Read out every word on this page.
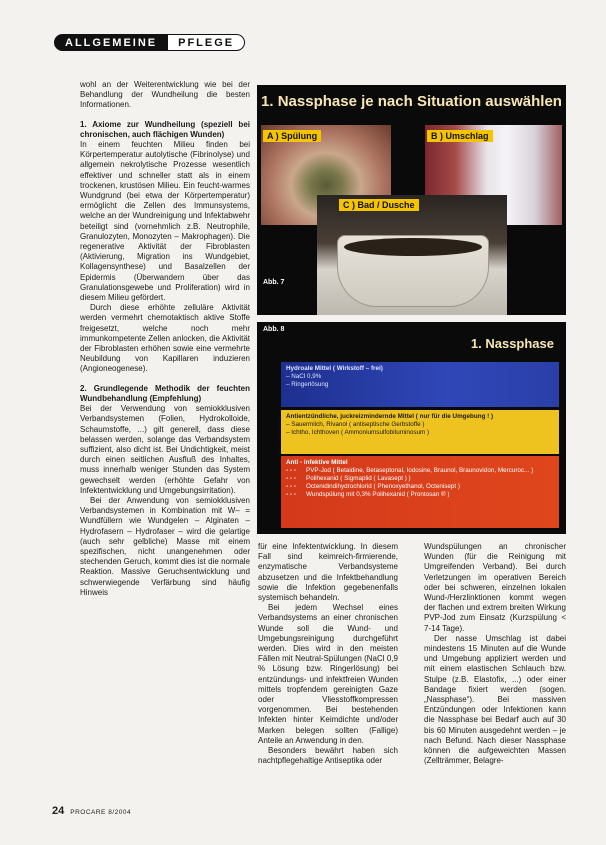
ALLGEMEINE	PFLEGE

wohl an der Weiterentwicklung wie bei der Behandlung der Wundheilung die besten Informationen.

1. Axiome zur Wundheilung (speziell bei chronischen, auch flächigen Wunden)

In einem feuchten Milieu finden bei Körpertemperatur autolytische (Fibrinolyse) und allgemein nekrolytische Prozesse wesentlich effektiver und schneller statt als in einem trockenen, krustösen Milieu. Ein feucht-warmes Wundgrund (bei etwa der Körpertemperatur) ermöglicht die Zellen des Immunsystems, welche an der Wundreinigung und Infektabwehr beteiligt sind (vornehmlich z.B. Neutrophile, Granulozyten, Monozyten – Makrophagen). Die regenerative Aktivität der Fibroblasten (Aktivierung, Migration ins Wundgebiet, Kollagensynthese) und Basalzellen der Epidermis (Überwandern über das Granulationsgewebe und Proliferation) wird in diesem Milieu gefördert.

Durch diese erhöhte zelluläre Aktivität werden vermehrt chemotaktisch aktive Stoffe freigesetzt, welche noch mehr immunkompetente Zellen anlocken, die Aktivität der Fibroblasten erhöhen sowie eine vermehrte Neubildung von Kapillaren induzieren (Angioneogenese).

2. Grundlegende Methodik der feuchten Wundbehandlung (Empfehlung)

Bei der Verwendung von semiokklusiven Verbandsystemen (Folien, Hydrokolloide, Schaumstoffe, ...) gilt generell, dass diese belassen werden, solange das Verbandsystem suffizient, also dicht ist. Bei Undichtigkeit, meist durch einen seitlichen Ausfluß des Inhaltes, muss innerhalb weniger Stunden das System gewechselt werden (erhöhte Gefahr von Infektentwicklung und Umgebungsirritation).

Bei der Anwendung von semiokklusiven Verbandsystemen in Kombination mit W– = Wundfüllern wie Wundgelen – Alginaten – Hydrofasern – Hydrofaser – wird die gelartige (auch sehr gelbliche) Masse mit einem spezifischen, nicht unangenehmen oder stechenden Geruch, kommt dies ist die normale Reaktion. Massive Geruchsentwicklung und schwerwiegende Verfärbung sind häufig Hinweis

1. Nassphase je nach Situation auswählen
A ) Spülung	B ) Umschlag
C ) Bad / Dusche
Abb. 7
Abb. 8
1. Nassphase
Hydroale Mittel ( Wirkstoff – frei)
– NaCl 0,9%
– Ringerlösung
Antientzündliche, juckreizmindernde Mittel ( nur für die Umgebung ! )
– Sauermilch, Rivanol ( antiseptische Gerbstoffe )
– Ichtho, Ichthoven ( Ammoniumsulfobituminosum )
Anti - infektive Mittel
- - -	PVP-Jod ( Betaidine, Betaseptonal, Iodosine, Braunol, Braunovidon, Mercuroc... )
- - -	Polihexanid ( Sigmaplid ( Lavasept ) )
- - -	Octenidindihydrochlorid ( Phenoxyethanol, Octenisept )
- - -	Wundspülung mit 0,3% Polihexanid ( Prontosan ® )

für eine Infektentwicklung. In diesem Fall sind keimreich-firmierende, enzymatische Verbandsysteme abzusetzen und die Infektbehandlung sowie die Infektion gegebenenfalls systemisch behandeln.

Bei jedem Wechsel eines Verbandsystems an einer chronischen Wunde soll die Wund- und Umgebungsreinigung durchgeführt werden. Dies wird in den meisten Fällen mit Neutral-Spülungen (NaCl 0,9 % Lösung bzw. Ringerlösung) bei entzündungs- und infektfreien Wunden mittels tropfendem gereinigten Gaze oder Vliesstoffkompressen vorgenommen. Bei bestehenden Infekten hinter Keimdichte und/oder Marken belegen sollten (Fallige) Anteile an Anwendung in den.

Besonders bewährt haben sich nachtpflegehaltige Antiseptika oder

Wundspülungen an chronischer Wunden (für die Reinigung mit Umgreifenden Verband). Bei durch Verletzungen im operativen Bereich oder bei schweren, einzelnen lokalen Wund-/Herzlinktionen kommt wegen der flachen und extrem breiten Wirkung PVP-Jod zum Einsatz (Kurzspülung < 7-14 Tage).

Der nasse Umschlag ist dabei mindestens 15 Minuten auf die Wunde und Umgebung appliziert werden und mit einem elastischen Schlauch bzw. Stulpe (z.B. Elastofix, ...) oder einer Bandage fixiert werden (sogen. „Nassphase“). Bei massiven Entzündungen oder Infektionen kann die Nassphase bei Bedarf auch auf 30 bis 60 Minuten ausgedehnt werden – je nach Befund. Nach dieser Nassphase können die aufgeweichten Massen (Zellträmmer, Belagre-

24 PROCARE 8/2004
